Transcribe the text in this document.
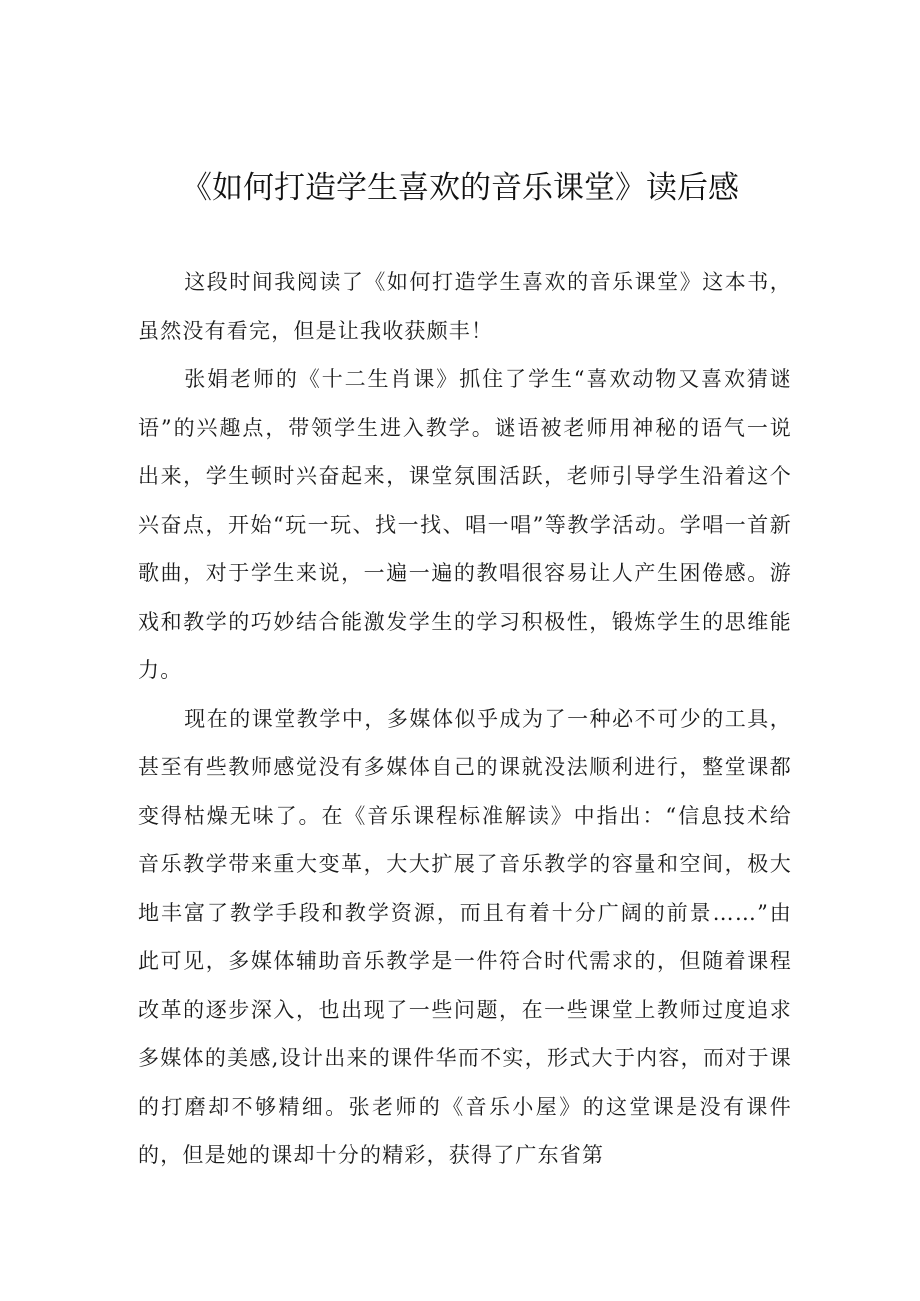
《如何打造学生喜欢的音乐课堂》读后感

这段时间我阅读了《如何打造学生喜欢的音乐课堂》这本书，虽然没有看完，但是让我收获颇丰！

张娟老师的《十二生肖课》抓住了学生“喜欢动物又喜欢猜谜语”的兴趣点，带领学生进入教学。谜语被老师用神秘的语气一说出来，学生顿时兴奋起来，课堂氛围活跃，老师引导学生沿着这个兴奋点，开始“玩一玩、找一找、唱一唱”等教学活动。学唱一首新歌曲，对于学生来说，一遍一遍的教唱很容易让人产生困倦感。游戏和教学的巧妙结合能激发学生的学习积极性，锻炼学生的思维能力。

现在的课堂教学中，多媒体似乎成为了一种必不可少的工具，甚至有些教师感觉没有多媒体自己的课就没法顺利进行，整堂课都变得枯燥无味了。在《音乐课程标准解读》中指出：“信息技术给音乐教学带来重大变革，大大扩展了音乐教学的容量和空间，极大地丰富了教学手段和教学资源，而且有着十分广阔的前景……”由此可见，多媒体辅助音乐教学是一件符合时代需求的，但随着课程改革的逐步深入，也出现了一些问题，在一些课堂上教师过度追求多媒体的美感,设计出来的课件华而不实，形式大于内容，而对于课的打磨却不够精细。张老师的《音乐小屋》的这堂课是没有课件的，但是她的课却十分的精彩，获得了广东省第
